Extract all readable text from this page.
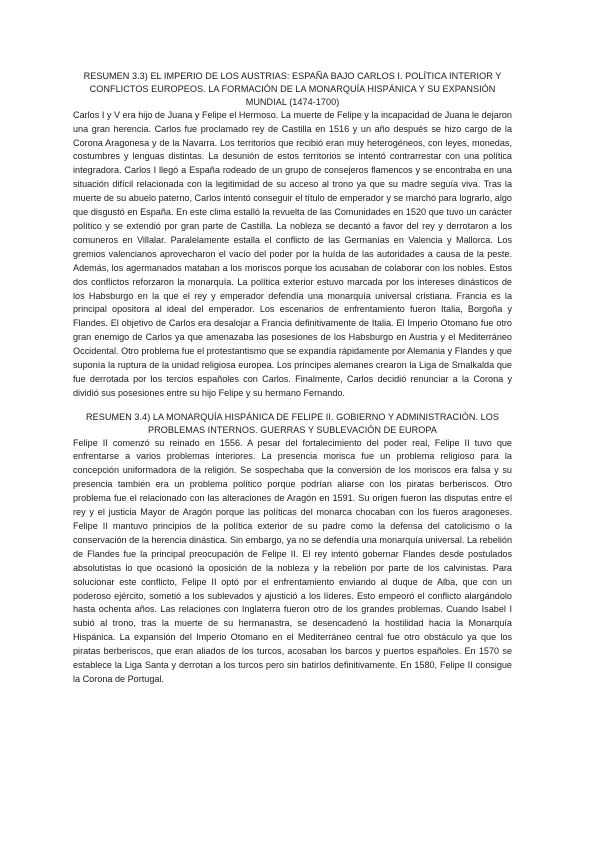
RESUMEN 3.3) EL IMPERIO DE LOS AUSTRIAS: ESPAÑA BAJO CARLOS I. POLÍTICA INTERIOR Y CONFLICTOS EUROPEOS. LA FORMACIÓN DE LA MONARQUÍA HISPÁNICA Y SU EXPANSIÓN MUNDIAL (1474-1700)

Carlos I y V era hijo de Juana y Felipe el Hermoso. La muerte de Felipe y la incapacidad de Juana le dejaron una gran herencia. Carlos fue proclamado rey de Castilla en 1516 y un año después se hizo cargo de la Corona Aragonesa y de la Navarra. Los territorios que recibió eran muy heterogéneos, con leyes, monedas, costumbres y lenguas distintas. La desunión de estos territorios se intentó contrarrestar con una política integradora. Carlos I llegó a España rodeado de un grupo de consejeros flamencos y se encontraba en una situación difícil relacionada con la legitimidad de su acceso al trono ya que su madre seguía viva. Tras la muerte de su abuelo paterno, Carlos intentó conseguir el título de emperador y se marchó para lograrlo, algo que disgustó en España. En este clima estalló la revuelta de las Comunidades en 1520 que tuvo un carácter político y se extendió por gran parte de Castilla. La nobleza se decantó a favor del rey y derrotaron a los comuneros en Villalar. Paralelamente estalla el conflicto de las Germanías en Valencia y Mallorca. Los gremios valencianos aprovecharon el vacío del poder por la huída de las autoridades a causa de la peste. Además, los agermanados mataban a los moriscos porque los acusaban de colaborar con los nobles. Estos dos conflictos reforzaron la monarquía. La política exterior estuvo marcada por los intereses dinásticos de los Habsburgo en la que el rey y emperador defendía una monarquía universal cristiana. Francia es la principal opositora al ideal del emperador. Los escenarios de enfrentamiento fueron Italia, Borgoña y Flandes. El objetivo de Carlos era desalojar a Francia definitivamente de Italia. El Imperio Otomano fue otro gran enemigo de Carlos ya que amenazaba las posesiones de los Habsburgo en Austria y el Mediterráneo Occidental. Otro problema fue el protestantismo que se expandía rápidamente por Alemania y Flandes y que suponía la ruptura de la unidad religiosa europea. Los príncipes alemanes crearon la Liga de Smalkalda que fue derrotada por los tercios españoles con Carlos. Finalmente, Carlos decidió renunciar a la Corona y dividió sus posesiones entre su hijo Felipe y su hermano Fernando.

RESUMEN 3.4) LA MONARQUÍA HISPÁNICA DE FELIPE II. GOBIERNO Y ADMINISTRACIÓN. LOS PROBLEMAS INTERNOS. GUERRAS Y SUBLEVACIÓN DE EUROPA

Felipe II comenzó su reinado en 1556. A pesar del fortalecimiento del poder real, Felipe II tuvo que enfrentarse a varios problemas interiores. La presencia morisca fue un problema religioso para la concepción uniformadora de la religión. Se sospechaba que la conversión de los moriscos era falsa y su presencia también era un problema político porque podrían aliarse con los piratas berberiscos. Otro problema fue el relacionado con las alteraciones de Aragón en 1591. Su origen fueron las disputas entre el rey y el justicia Mayor de Aragón porque las políticas del monarca chocaban con los fueros aragoneses. Felipe II mantuvo principios de la política exterior de su padre como la defensa del catolicismo o la conservación de la herencia dinástica. Sin embargo, ya no se defendía una monarquía universal. La rebelión de Flandes fue la principal preocupación de Felipe II. El rey intentó gobernar Flandes desde postulados absolutistas lo que ocasionó la oposición de la nobleza y la rebelión por parte de los calvinistas. Para solucionar este conflicto, Felipe II optó por el enfrentamiento enviando al duque de Alba, que con un poderoso ejército, sometió a los sublevados y ajustició a los líderes. Esto empeoró el conflicto alargándolo hasta ochenta años. Las relaciones con Inglaterra fueron otro de los grandes problemas. Cuando Isabel I subió al trono, tras la muerte de su hermanastra, se desencadenó la hostilidad hacia la Monarquía Hispánica. La expansión del Imperio Otomano en el Mediterráneo central fue otro obstáculo ya que los piratas berberiscos, que eran aliados de los turcos, acosaban los barcos y puertos españoles. En 1570 se establece la Liga Santa y derrotan a los turcos pero sin batirlos definitivamente. En 1580, Felipe II consigue la Corona de Portugal.
